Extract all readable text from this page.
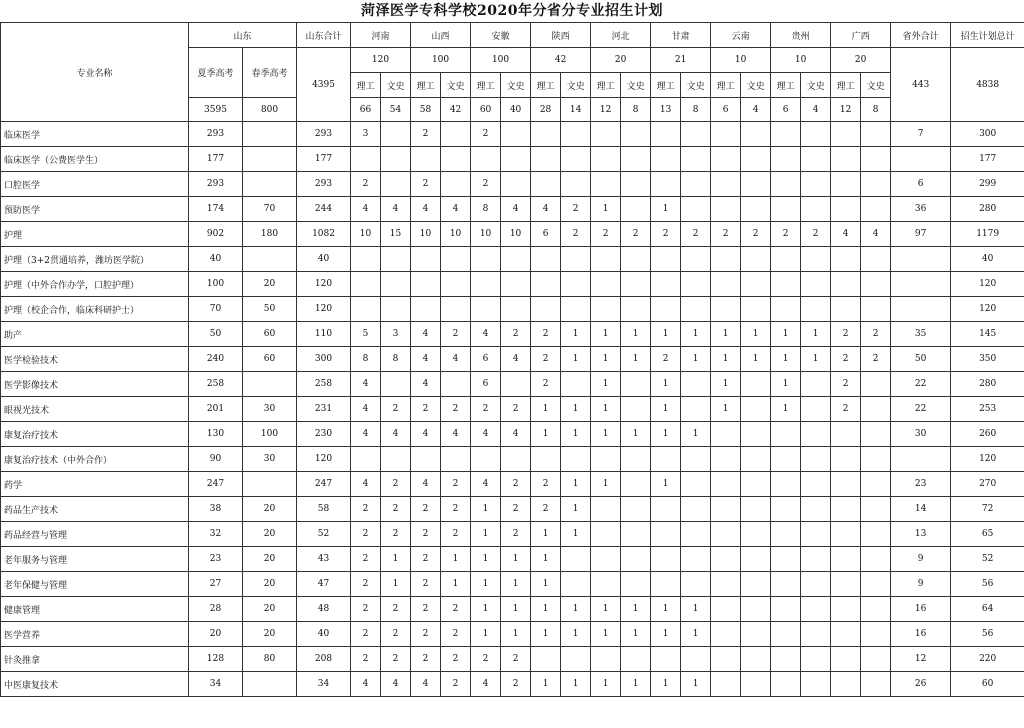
菏泽医学专科学校2020年分省分专业招生计划
专业名称	山东		山东合计	河南		山西		安徽		陕西		河北		甘肃		云南		贵州		广西		省外合计	招生计划总计
	夏季高考	春季高考	4395																				
				120		100		100		42		20		21		10		10		20		443	4838
				理工	文史	理工	文史	理工	文史	理工	文史	理工	文史	理工	文史	理工	文史	理工	文史	理工	文史		
	3595	800		66	54	58	42	60	40	28	14	12	8	13	8	6	4	6	4	12	8		
临床医学	293		293	3		2		2														7	300
临床医学（公费医学生）	177		177																				177
口腔医学	293		293	2		2		2														6	299
预防医学	174	70	244	4	4	4	4	8	4	4	2	1		1								36	280
护理	902	180	1082	10	15	10	10	10	10	6	2	2	2	2	2	2	2	2	2	4	4	97	1179
护理（3+2贯通培养，潍坊医学院）	40		40																				40
护理（中外合作办学，口腔护理）	100	20	120																				120
护理（校企合作，临床科研护士）	70	50	120																				120
助产	50	60	110	5	3	4	2	4	2	2	1	1	1	1	1	1	1	1	1	2	2	35	145
医学检验技术	240	60	300	8	8	4	4	6	4	2	1	1	1	2	1	1	1	1	1	2	2	50	350
医学影像技术	258		258	4		4		6		2		1		1		1		1		2		22	280
眼视光技术	201	30	231	4	2	2	2	2	2	1	1	1		1		1		1		2		22	253
康复治疗技术	130	100	230	4	4	4	4	4	4	1	1	1	1	1	1							30	260
康复治疗技术（中外合作）	90	30	120																				120
药学	247		247	4	2	4	2	4	2	2	1	1		1								23	270
药品生产技术	38	20	58	2	2	2	2	1	2	2	1											14	72
药品经营与管理	32	20	52	2	2	2	2	1	2	1	1											13	65
老年服务与管理	23	20	43	2	1	2	1	1	1	1												9	52
老年保健与管理	27	20	47	2	1	2	1	1	1	1												9	56
健康管理	28	20	48	2	2	2	2	1	1	1	1	1	1	1	1							16	64
医学营养	20	20	40	2	2	2	2	1	1	1	1	1	1	1	1							16	56
针灸推拿	128	80	208	2	2	2	2	2	2													12	220
中医康复技术	34		34	4	4	4	2	4	2	1	1	1	1	1	1							26	60
